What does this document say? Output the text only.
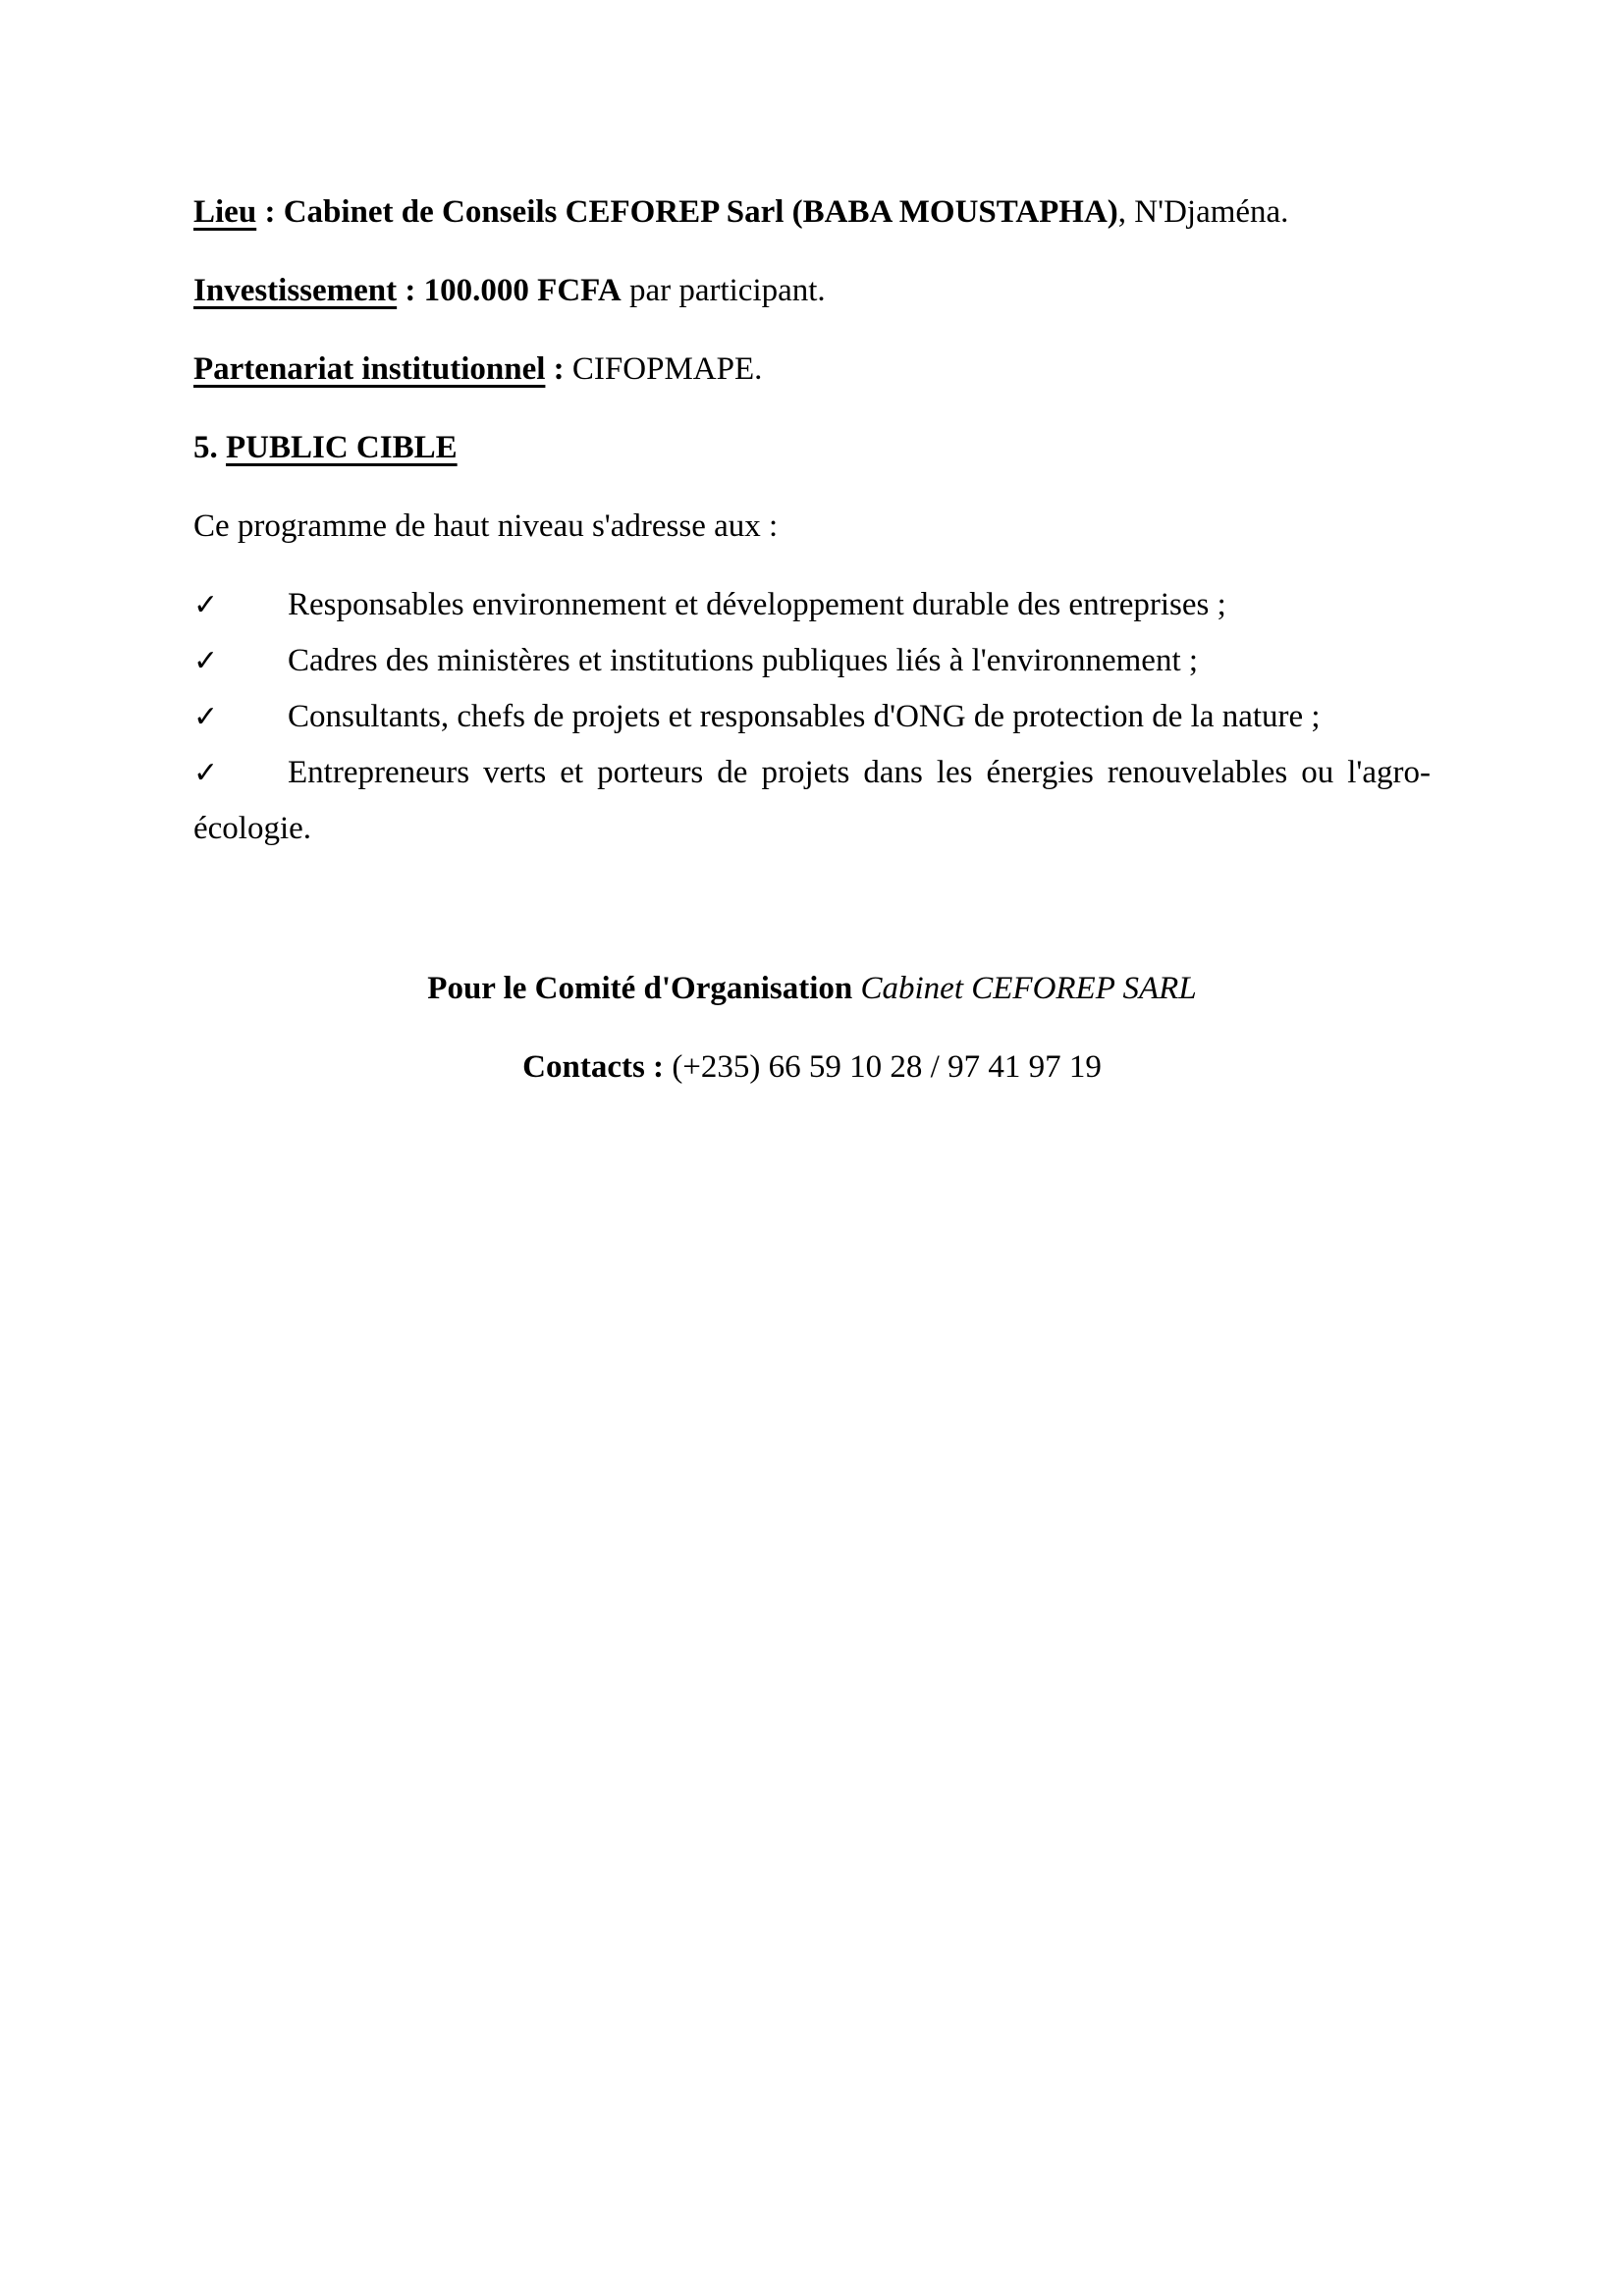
Lieu : Cabinet de Conseils CEFOREP Sarl (BABA MOUSTAPHA), N'Djaména.

Investissement : 100.000 FCFA par participant.

Partenariat institutionnel : CIFOPMAPE.

5. PUBLIC CIBLE

Ce programme de haut niveau s'adresse aux :

✓ Responsables environnement et développement durable des entreprises ;

✓ Cadres des ministères et institutions publiques liés à l'environnement ;

✓ Consultants, chefs de projets et responsables d'ONG de protection de la nature ;

✓ Entrepreneurs verts et porteurs de projets dans les énergies renouvelables ou l'agro-écologie.

Pour le Comité d'Organisation Cabinet CEFOREP SARL

Contacts : (+235) 66 59 10 28 / 97 41 97 19
